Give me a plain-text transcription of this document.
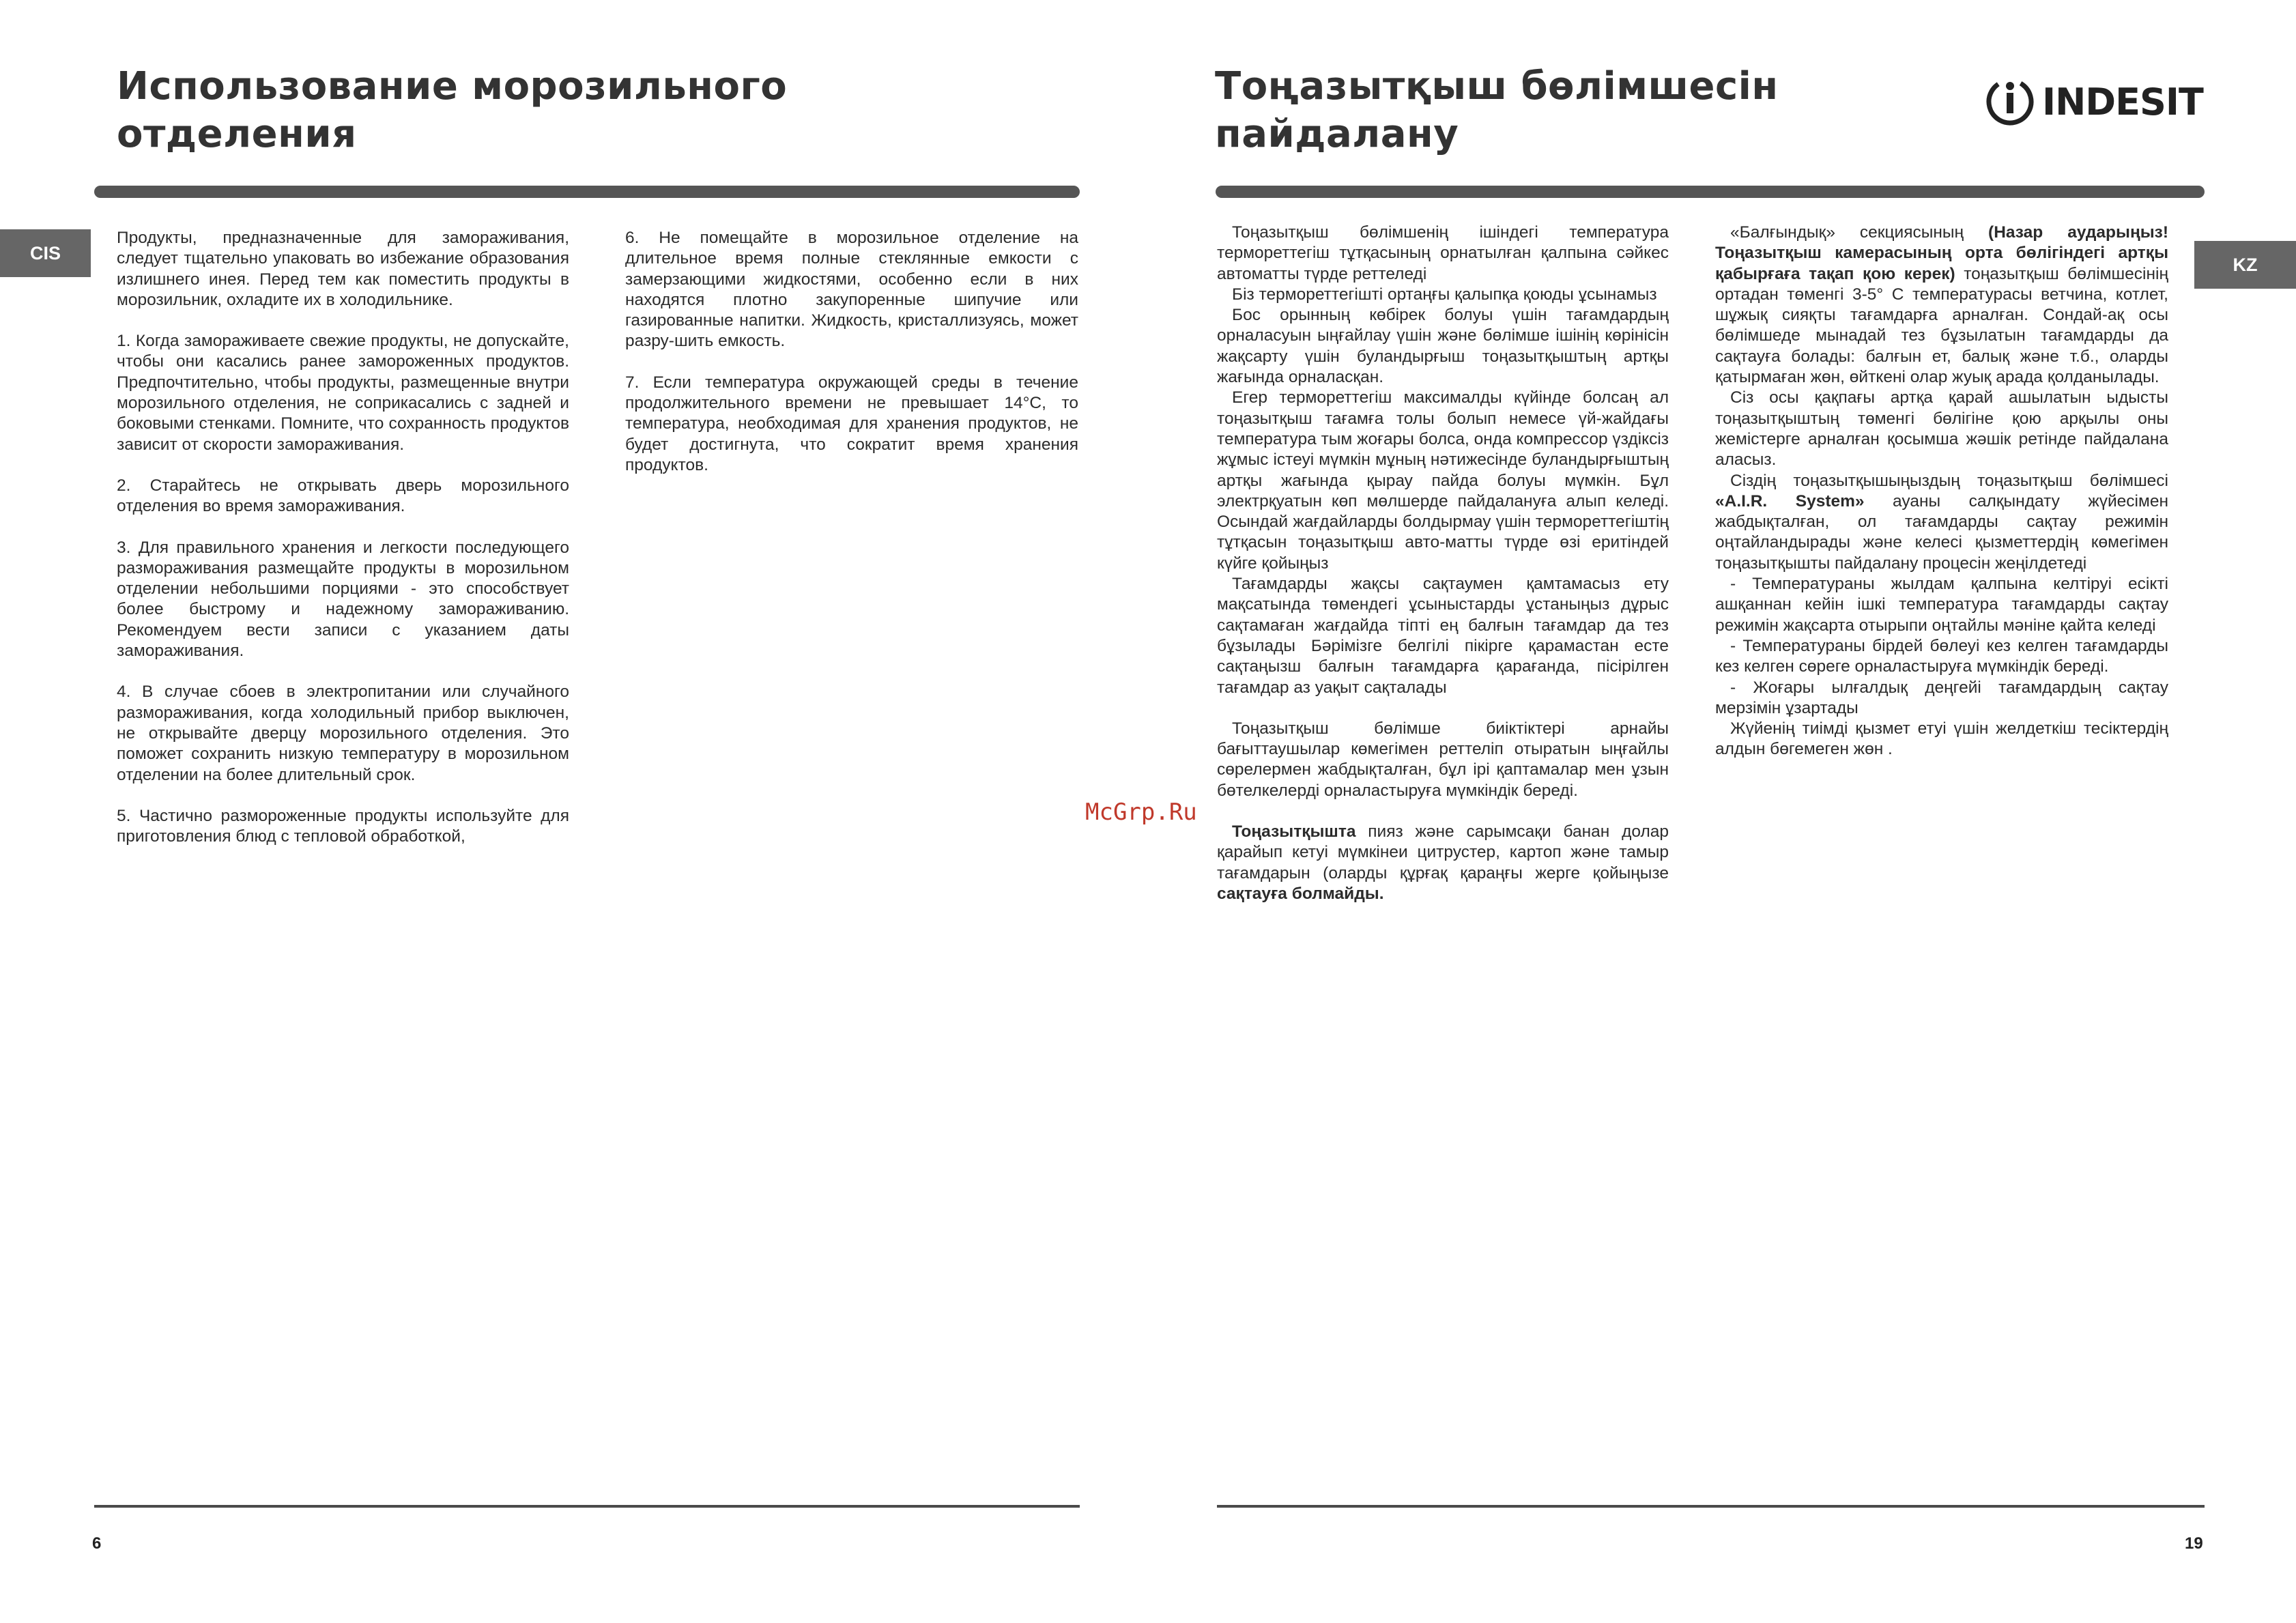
Использование морозильного
отделения
CIS

Продукты, предназначенные для замораживания, следует тщательно упаковать во избежание образования излишнего инея. Перед тем как поместить продукты в морозильник, охладите их в холодильнике.

1. Когда замораживаете свежие продукты, не допускайте, чтобы они касались ранее замороженных продуктов. Предпочтительно, чтобы продукты, размещенные внутри морозильного отделения, не соприкасались с задней и боковыми стенками. Помните, что сохранность продуктов зависит от скорости замораживания.

2. Старайтесь не открывать дверь морозильного отделения во время замораживания.

3. Для правильного хранения и легкости последующего размораживания размещайте продукты в морозильном отделении небольшими порциями - это способствует более быстрому и надежному замораживанию. Рекомендуем вести записи с указанием даты замораживания.

4. В случае сбоев в электропитании или случайного размораживания, когда холодильный прибор выключен, не открывайте дверцу морозильного отделения. Это поможет сохранить низкую температуру в морозильном отделении на более длительный срок.

5. Частично размороженные продукты используйте для приготовления блюд с тепловой обработкой,

6. Не помещайте в морозильное отделение на длительное время полные стеклянные емкости с замерзающими жидкостями, особенно если в них находятся плотно закупоренные шипучие или газированные напитки. Жидкость, кристаллизуясь, может разру-шить емкость.

7. Если температура окружающей среды в течение продолжительного времени не превышает 14°C, то температура, необходимая для хранения продуктов, не будет достигнута, что сократит время хранения продуктов.

6
Тоңазытқыш бөлімшесін
пайдалану
INDESIT
KZ

Тоңазытқыш бөлімшенің ішіндегі температура термореттегіш тұтқасының орнатылған қалпына сәйкес автоматты түрде реттеледі

Біз термореттегішті ортаңғы қалыпқа қоюды ұсынамыз

Бос орынның көбірек болуы үшін тағамдардың орналасуын ыңғайлау үшін және бөлімше ішінің көрінісін жақсарту үшін буландырғыш тоңазытқыштың артқы жағында орналасқан.

Егер термореттегіш максималды күйінде болсаң ал тоңазытқыш тағамға толы болып немесе үй-жайдағы температура тым жоғары болса, онда компрессор үздіксіз жұмыс істеуі мүмкін мұның нәтижесінде буландырғыштың артқы жағында қырау пайда болуы мүмкін. Бұл электрқуатын көп мөлшерде пайдалануға алып келеді. Осындай жағдайларды болдырмау үшін термореттегіштің тұтқасын тоңазытқыш авто-матты түрде өзі еритіндей күйге қойыңыз

Тағамдарды жақсы сақтаумен қамтамасыз ету мақсатында төмендегі ұсыныстарды ұстаныңыз дұрыс сақтамаған жағдайда тіпті ең балғын тағамдар да тез бұзылады Бәрімізге белгілі пікірге қарамастан есте сақтаңызш балғын тағамдарға қарағанда, пісірілген тағамдар аз уақыт сақталады

Тоңазытқыш бөлімше биіктіктері арнайы бағыттаушылар көмегімен реттеліп отыратын ыңғайлы сөрелермен жабдықталған, бұл ірі қаптамалар мен ұзын бөтелкелерді орналастыруға мүмкіндік береді.

Тоңазытқышта пияз және сарымсақи банан долар қарайып кетуі мүмкінеи цитрустер, картоп және тамыр тағамдарын (оларды құрғақ қараңғы жерге қойыңызе сақтауға болмайды.

«Балғындық» секциясының (Назар аударыңыз! Тоңазытқыш камерасының орта бөлігіндегі артқы қабырғаға тақап қою керек) тоңазытқыш бөлімшесінің ортадан төменгі 3-5° С температурасы ветчина, котлет, шұжық сияқты тағамдарға арналған. Сондай-ақ осы бөлімшеде мынадай тез бұзылатын тағамдарды да сақтауға болады: балғын ет, балық және т.б., оларды қатырмаған жөн, өйткені олар жуық арада қолданылады.

Сіз осы қақпағы артқа қарай ашылатын ыдысты тоңазытқыштың төменгі бөлігіне қою арқылы оны жемістерге арналған қосымша жәшік ретінде пайдалана аласыз.

Сіздің тоңазытқышыңыздың тоңазытқыш бөлімшесі «A.I.R. System» ауаны салқындату жүйесімен жабдықталған, ол тағамдарды сақтау режимін оңтайландырады және келесі қызметтердің көмегімен тоңазытқышты пайдалану процесін жеңілдетеді

- Температураны жылдам қалпына келтіруі есікті ашқаннан кейін ішкі температура тағамдарды сақтау режимін жақсарта отырыпи оңтайлы мәніне қайта келеді

- Температураны бірдей бөлеуі кез келген тағамдарды кез келген сөреге орналастыруға мүмкіндік береді.

- Жоғары ылғалдық деңгейі тағамдардың сақтау мерзімін ұзартады

Жүйенің тиімді қызмет етуі үшін желдеткіш тесіктердің алдын бөгемеген жөн .

19
McGrp.Ru
